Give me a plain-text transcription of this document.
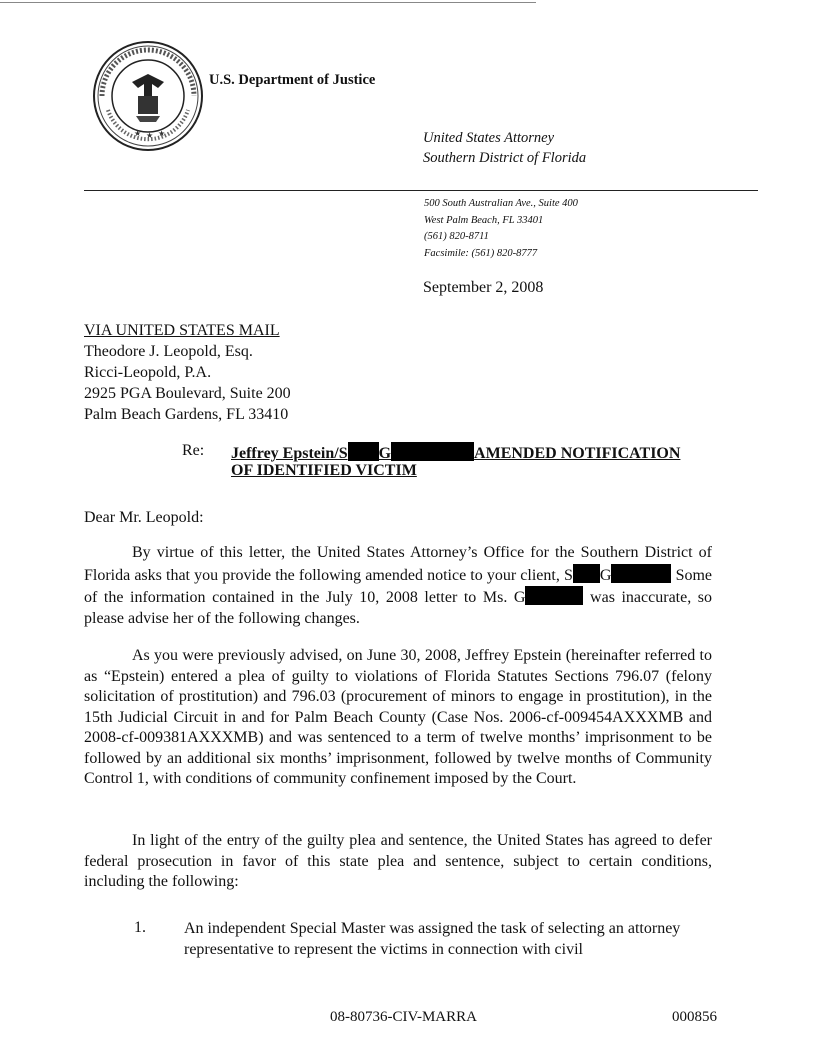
★ ★ ★
U.S. Department of Justice
United States Attorney
Southern District of Florida
500 South Australian Ave., Suite 400
West Palm Beach, FL 33401
(561) 820-8711
Facsimile: (561) 820-8777
September 2, 2008
VIA UNITED STATES MAIL
Theodore J. Leopold, Esq.
Ricci-Leopold, P.A.
2925 PGA Boulevard, Suite 200
Palm Beach Gardens, FL 33410
Re: Jeffrey Epstein/S G	AMENDED NOTIFICATION
OF IDENTIFIED VICTIM
Dear Mr. Leopold:
By virtue of this letter, the United States Attorney’s Office for the Southern District of Florida asks that you provide the following amended notice to your client, S G	Some of the information contained in the July 10, 2008 letter to Ms. G	was inaccurate, so please advise her of the following changes.
As you were previously advised, on June 30, 2008, Jeffrey Epstein (hereinafter referred to as “Epstein) entered a plea of guilty to violations of Florida Statutes Sections 796.07 (felony solicitation of prostitution) and 796.03 (procurement of minors to engage in prostitution), in the 15th Judicial Circuit in and for Palm Beach County (Case Nos. 2006-cf-009454AXXXMB and 2008-cf-009381AXXXMB) and was sentenced to a term of twelve months’ imprisonment to be followed by an additional six months’ imprisonment, followed by twelve months of Community Control 1, with conditions of community confinement imposed by the Court.
In light of the entry of the guilty plea and sentence, the United States has agreed to defer federal prosecution in favor of this state plea and sentence, subject to certain conditions, including the following:
1. An independent Special Master was assigned the task of selecting an attorney representative to represent the victims in connection with civil
08-80736-CIV-MARRA	000856
